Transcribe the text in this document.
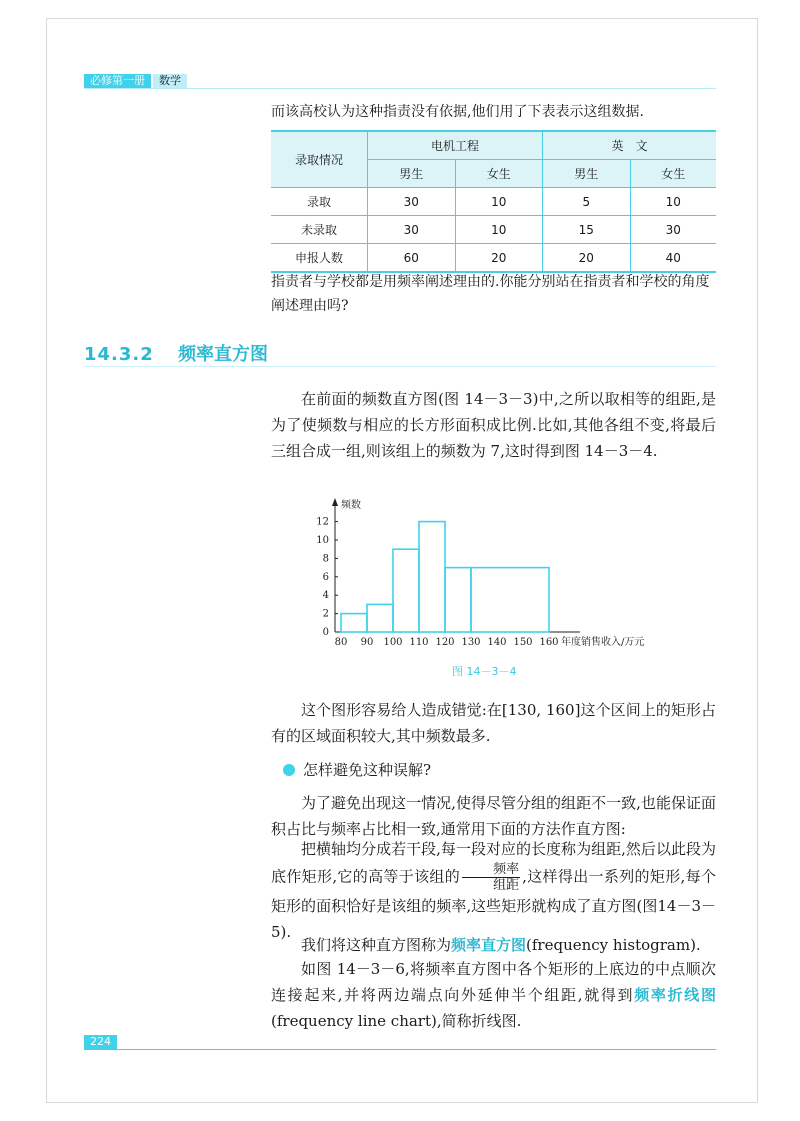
必修第一册	数学
而该高校认为这种指责没有依据,他们用了下表表示这组数据.
录取情况	电机工程		英　文	
	男生	女生	男生	女生
录取	30	10	5	10
未录取	30	10	15	30
申报人数	60	20	20	40
指责者与学校都是用频率阐述理由的.你能分别站在指责者和学校的角度阐述理由吗?
14.3.2 频率直方图
在前面的频数直方图(图 14－3－3)中,之所以取相等的组距,是为了使频数与相应的长方形面积成比例.比如,其他各组不变,将最后三组合成一组,则该组上的频数为 7,这时得到图 14－3－4.
频数
0
2
4
6
8
10
12
80 90 100 110 120 130 140 150 160 年度销售收入/万元
图 14－3－4
这个图形容易给人造成错觉:在[130, 160]这个区间上的矩形占有的区域面积较大,其中频数最多.
怎样避免这种误解?
为了避免出现这一情况,使得尽管分组的组距不一致,也能保证面积占比与频率占比相一致,通常用下面的方法作直方图:
把横轴均分成若干段,每一段对应的长度称为组距,然后以此段为底作矩形,它的高等于该组的 $\frac{\text{频率}}{\text{组距}}$ ,这样得出一系列的矩形,每个矩形的面积恰好是该组的频率,这些矩形就构成了直方图(图14－3－5).
我们将这种直方图称为频率直方图(frequency histogram).
如图 14－3－6,将频率直方图中各个矩形的上底边的中点顺次连接起来,并将两边端点向外延伸半个组距,就得到频率折线图(frequency line chart),简称折线图.
224
